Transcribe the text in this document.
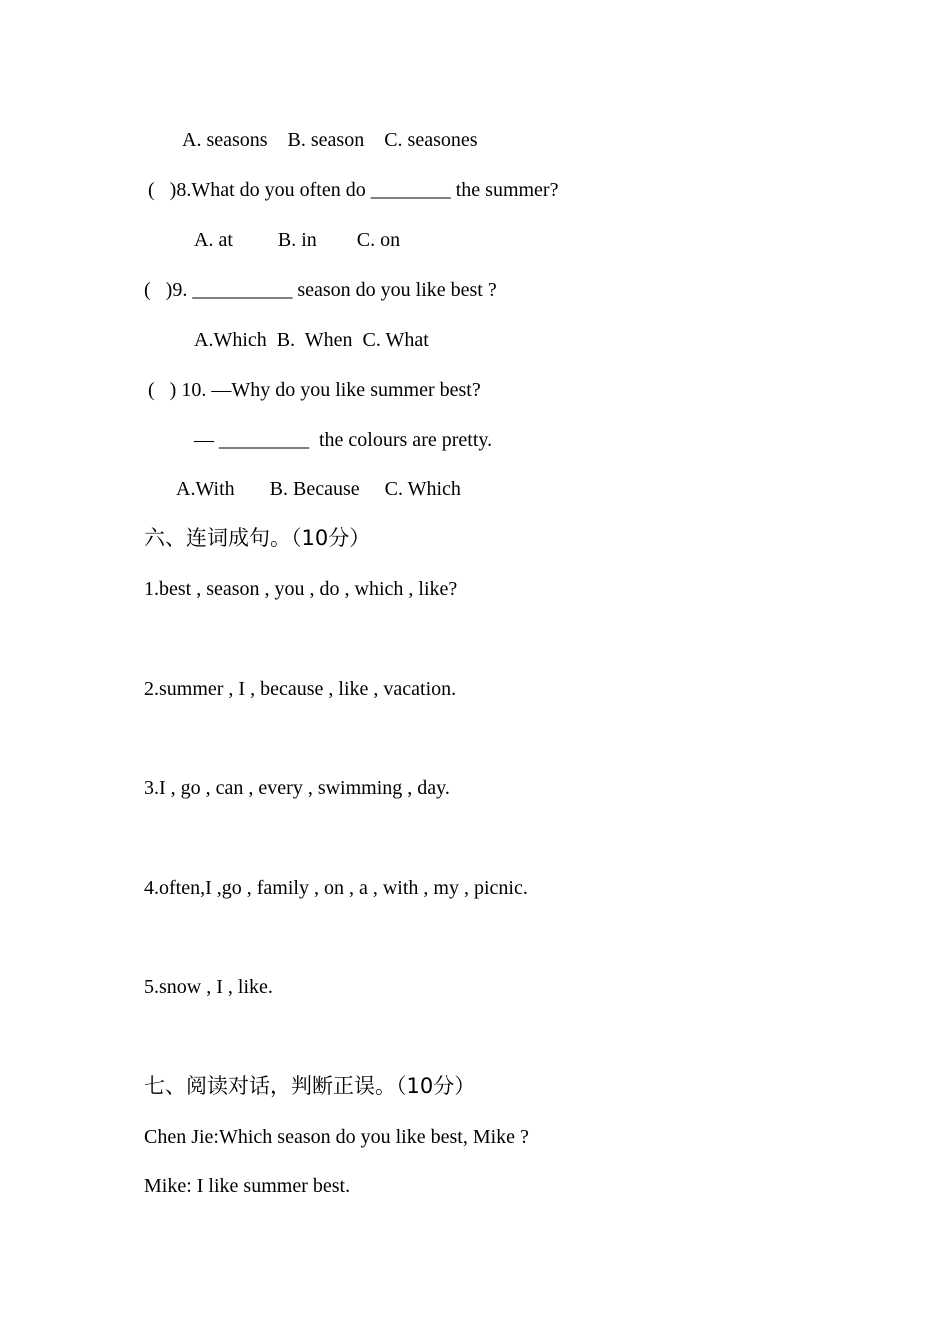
A. seasons    B. season    C. seasones
(   )8.What do you often do ________ the summer?
A. at         B. in        C. on
(   )9. __________ season do you like best ?
A.Which  B.  When  C. What
(   ) 10. —Why do you like summer best?
— _________  the colours are pretty.
A.With       B. Because     C. Which
六、连词成句。（10分）
1.best , season , you , do , which , like?
2.summer , I , because , like , vacation.
3.I , go , can , every , swimming , day.
4.often,I ,go , family , on , a , with , my , picnic.
5.snow , I , like.
七、阅读对话，判断正误。（10分）
Chen Jie:Which season do you like best, Mike ?
Mike: I like summer best.
